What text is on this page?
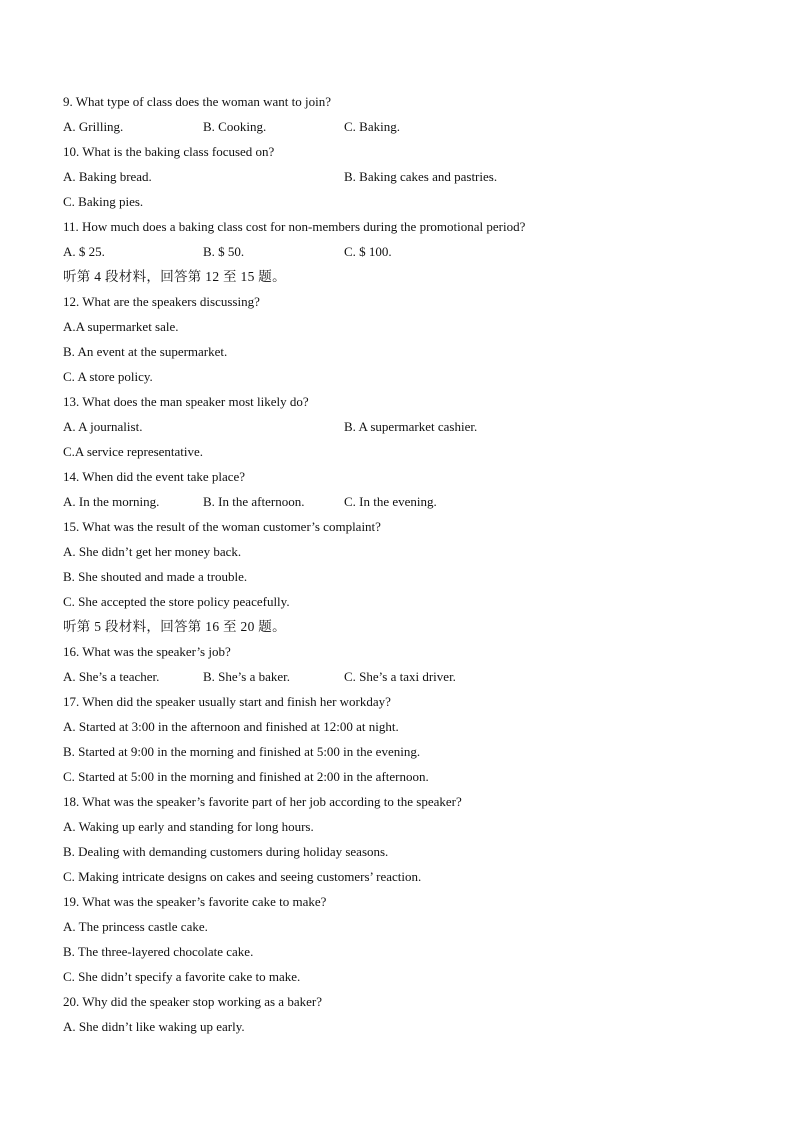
9. What type of class does the woman want to join?
A. Grilling.	B. Cooking.	C. Baking.
10. What is the baking class focused on?
A. Baking bread.	B. Baking cakes and pastries.
C. Baking pies.
11. How much does a baking class cost for non-members during the promotional period?
A. $ 25.	B. $ 50.	C. $ 100.
听第 4 段材料，回答第 12 至 15 题。
12. What are the speakers discussing?
A.A supermarket sale.
B. An event at the supermarket.
C. A store policy.
13. What does the man speaker most likely do?
A. A journalist.	B. A supermarket cashier.
C.A service representative.
14. When did the event take place?
A. In the morning.	B. In the afternoon.	C. In the evening.
15. What was the result of the woman customer’s complaint?
A. She didn’t get her money back.
B. She shouted and made a trouble.
C. She accepted the store policy peacefully.
听第 5 段材料，回答第 16 至 20 题。
16. What was the speaker’s job?
A. She’s a teacher.	B. She’s a baker.	C. She’s a taxi driver.
17. When did the speaker usually start and finish her workday?
A. Started at 3:00 in the afternoon and finished at 12:00 at night.
B. Started at 9:00 in the morning and finished at 5:00 in the evening.
C. Started at 5:00 in the morning and finished at 2:00 in the afternoon.
18. What was the speaker’s favorite part of her job according to the speaker?
A. Waking up early and standing for long hours.
B. Dealing with demanding customers during holiday seasons.
C. Making intricate designs on cakes and seeing customers’ reaction.
19. What was the speaker’s favorite cake to make?
A. The princess castle cake.
B. The three-layered chocolate cake.
C. She didn’t specify a favorite cake to make.
20. Why did the speaker stop working as a baker?
A. She didn’t like waking up early.
